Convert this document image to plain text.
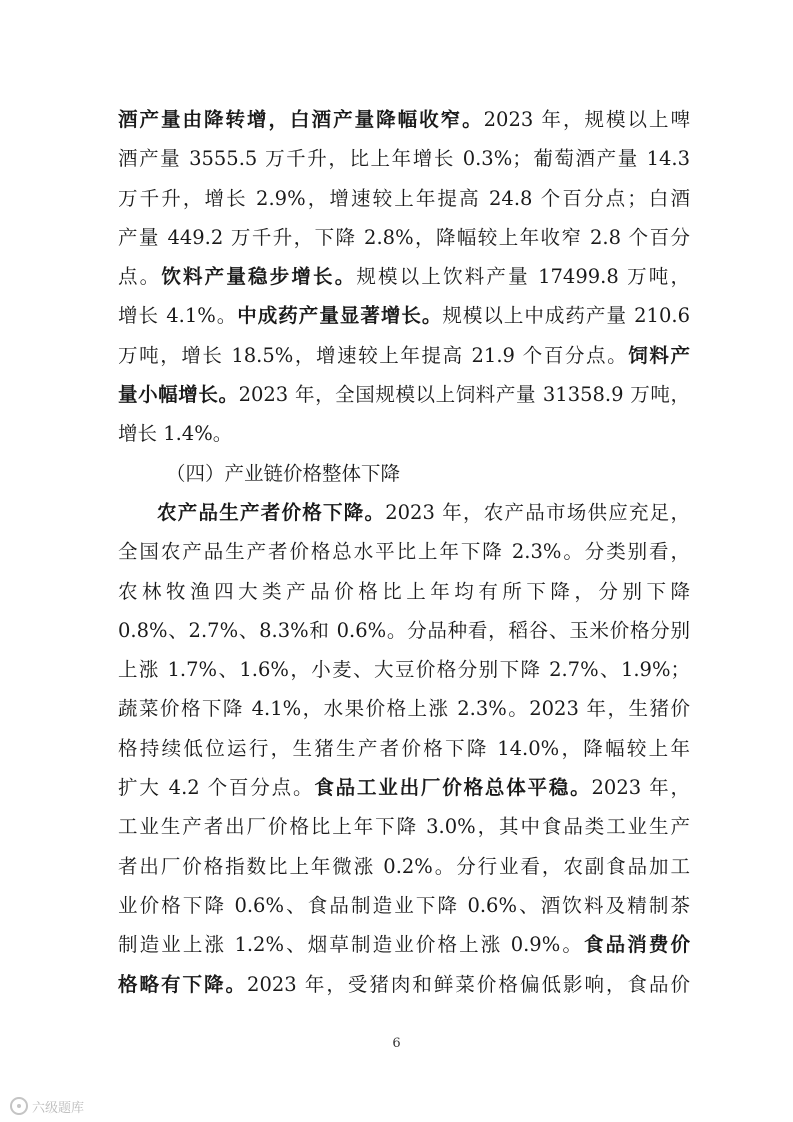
酒产量由降转增，白酒产量降幅收窄。2023 年，规模以上啤
酒产量 3555.5 万千升，比上年增长 0.3%；葡萄酒产量 14.3
万千升，增长 2.9%，增速较上年提高 24.8 个百分点；白酒
产量 449.2 万千升，下降 2.8%，降幅较上年收窄 2.8 个百分
点。饮料产量稳步增长。规模以上饮料产量 17499.8 万吨，
增长 4.1%。中成药产量显著增长。规模以上中成药产量 210.6
万吨，增长 18.5%，增速较上年提高 21.9 个百分点。饲料产
量小幅增长。2023 年，全国规模以上饲料产量 31358.9 万吨，
增长 1.4%。
（四）产业链价格整体下降
农产品生产者价格下降。2023 年，农产品市场供应充足，
全国农产品生产者价格总水平比上年下降 2.3%。分类别看，
农林牧渔四大类产品价格比上年均有所下降，分别下降
0.8%、2.7%、8.3%和 0.6%。分品种看，稻谷、玉米价格分别
上涨 1.7%、1.6%，小麦、大豆价格分别下降 2.7%、1.9%；
蔬菜价格下降 4.1%，水果价格上涨 2.3%。2023 年，生猪价
格持续低位运行，生猪生产者价格下降 14.0%，降幅较上年
扩大 4.2 个百分点。食品工业出厂价格总体平稳。2023 年，
工业生产者出厂价格比上年下降 3.0%，其中食品类工业生产
者出厂价格指数比上年微涨 0.2%。分行业看，农副食品加工
业价格下降 0.6%、食品制造业下降 0.6%、酒饮料及精制茶
制造业上涨 1.2%、烟草制造业价格上涨 0.9%。食品消费价
格略有下降。2023 年，受猪肉和鲜菜价格偏低影响，食品价
6
六级题库
